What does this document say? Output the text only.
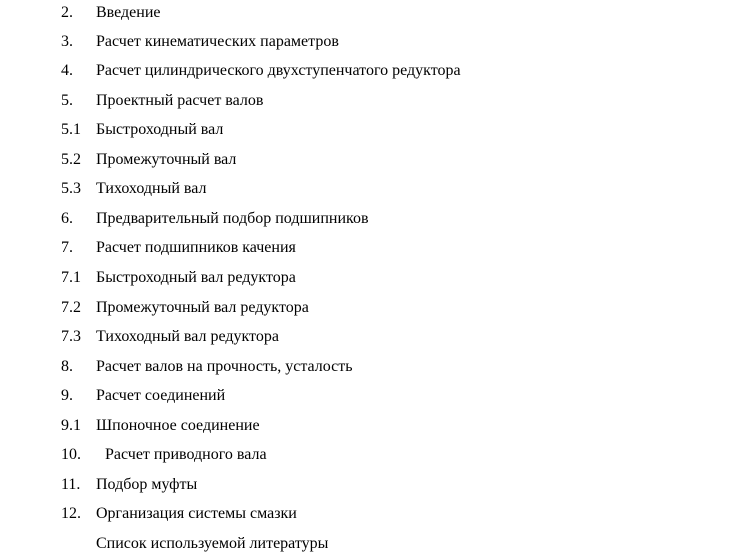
2. Введение
3. Расчет кинематических параметров
4. Расчет цилиндрического двухступенчатого редуктора
5. Проектный расчет валов
5.1 Быстроходный вал
5.2 Промежуточный вал
5.3 Тихоходный вал
6. Предварительный подбор подшипников
7. Расчет подшипников качения
7.1 Быстроходный вал редуктора
7.2 Промежуточный вал редуктора
7.3 Тихоходный вал редуктора
8. Расчет валов на прочность, усталость
9. Расчет соединений
9.1 Шпоночное соединение
10. Расчет приводного вала
11. Подбор муфты
12. Организация системы смазки
Список используемой литературы
